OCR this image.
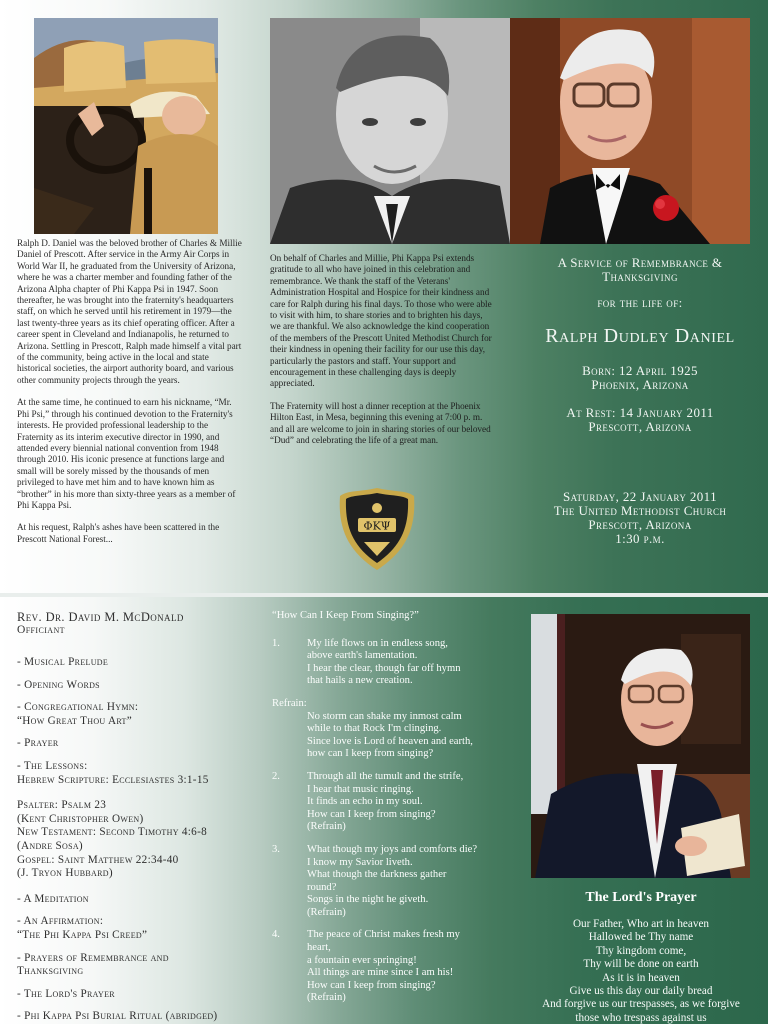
Ralph D. Daniel was the beloved brother of Charles & Millie Daniel of Prescott. After service in the Army Air Corps in World War II, he graduated from the University of Arizona, where he was a charter member and founding father of the Arizona Alpha chapter of Phi Kappa Psi in 1947. Soon thereafter, he was brought into the fraternity's headquarters staff, on which he served until his retirement in 1979—the last twenty-three years as its chief operating officer. After a career spent in Cleveland and Indianapolis, he returned to Arizona. Settling in Prescott, Ralph made himself a vital part of the community, being active in the local and state historical societies, the airport authority board, and various other community projects through the years.

At the same time, he continued to earn his nickname, “Mr. Phi Psi,” through his continued devotion to the Fraternity's interests. He provided professional leadership to the Fraternity as its interim executive director in 1990, and attended every biennial national convention from 1948 through 2010. His iconic presence at functions large and small will be sorely missed by the thousands of men privileged to have met him and to have known him as “brother” in his more than sixty-three years as a member of Phi Kappa Psi.

At his request, Ralph's ashes have been scattered in the Prescott National Forest...

On behalf of Charles and Millie, Phi Kappa Psi extends gratitude to all who have joined in this celebration and remembrance. We thank the staff of the Veterans' Administration Hospital and Hospice for their kindness and care for Ralph during his final days. To those who were able to visit with him, to share stories and to brighten his days, we are thankful. We also acknowledge the kind cooperation of the members of the Prescott United Methodist Church for their kindness in opening their facility for our use this day, particularly the pastors and staff. Your support and encouragement in these challenging days is deeply appreciated.

The Fraternity will host a dinner reception at the Phoenix Hilton East, in Mesa, beginning this evening at 7:00 p. m. and all are welcome to join in sharing stories of our beloved “Dud” and celebrating the life of a great man.

ΦΚΨ
A Service of Remembrance &
Thanksgiving
for the life of:
Ralph Dudley Daniel
Born: 12 April 1925
Phoenix, Arizona
At Rest: 14 January 2011
Prescott, Arizona
Saturday, 22 January 2011
The United Methodist Church
Prescott, Arizona
1:30 p.m.
Rev. Dr. David M. McDonald
Officiant
- Musical Prelude
- Opening Words
- Congregational Hymn:
“How Great Thou Art”
- Prayer
- The Lessons:
Hebrew Scripture: Ecclesiastes 3:1-15
Psalter: Psalm 23
(Kent Christopher Owen)
New Testament: Second Timothy 4:6-8
(Andre Sosa)
Gospel: Saint Matthew 22:34-40
(J. Tryon Hubbard)
- A Meditation
- An Affirmation:
“The Phi Kappa Psi Creed”
- Prayers of Remembrance and
Thanksgiving
- The Lord's Prayer
- Phi Kappa Psi Burial Ritual (abridged)
“How Can I Keep From Singing?”
1.	My life flows on in endless song,
above earth's lamentation.
I hear the clear, though far off hymn
that hails a new creation.
Refrain:
No storm can shake my inmost calm
while to that Rock I'm clinging.
Since love is Lord of heaven and earth,
how can I keep from singing?
2.	Through all the tumult and the strife,
I hear that music ringing.
It finds an echo in my soul.
How can I keep from singing?
(Refrain)
3.	What though my joys and comforts die?
I know my Savior liveth.
What though the darkness gather
round?
Songs in the night he giveth.
(Refrain)
4.	The peace of Christ makes fresh my
heart,
a fountain ever springing!
All things are mine since I am his!
How can I keep from singing?
(Refrain)
The Lord's Prayer
Our Father, Who art in heaven
Hallowed be Thy name
Thy kingdom come,
Thy will be done on earth
As it is in heaven
Give us this day our daily bread
And forgive us our trespasses, as we forgive
those who trespass against us
